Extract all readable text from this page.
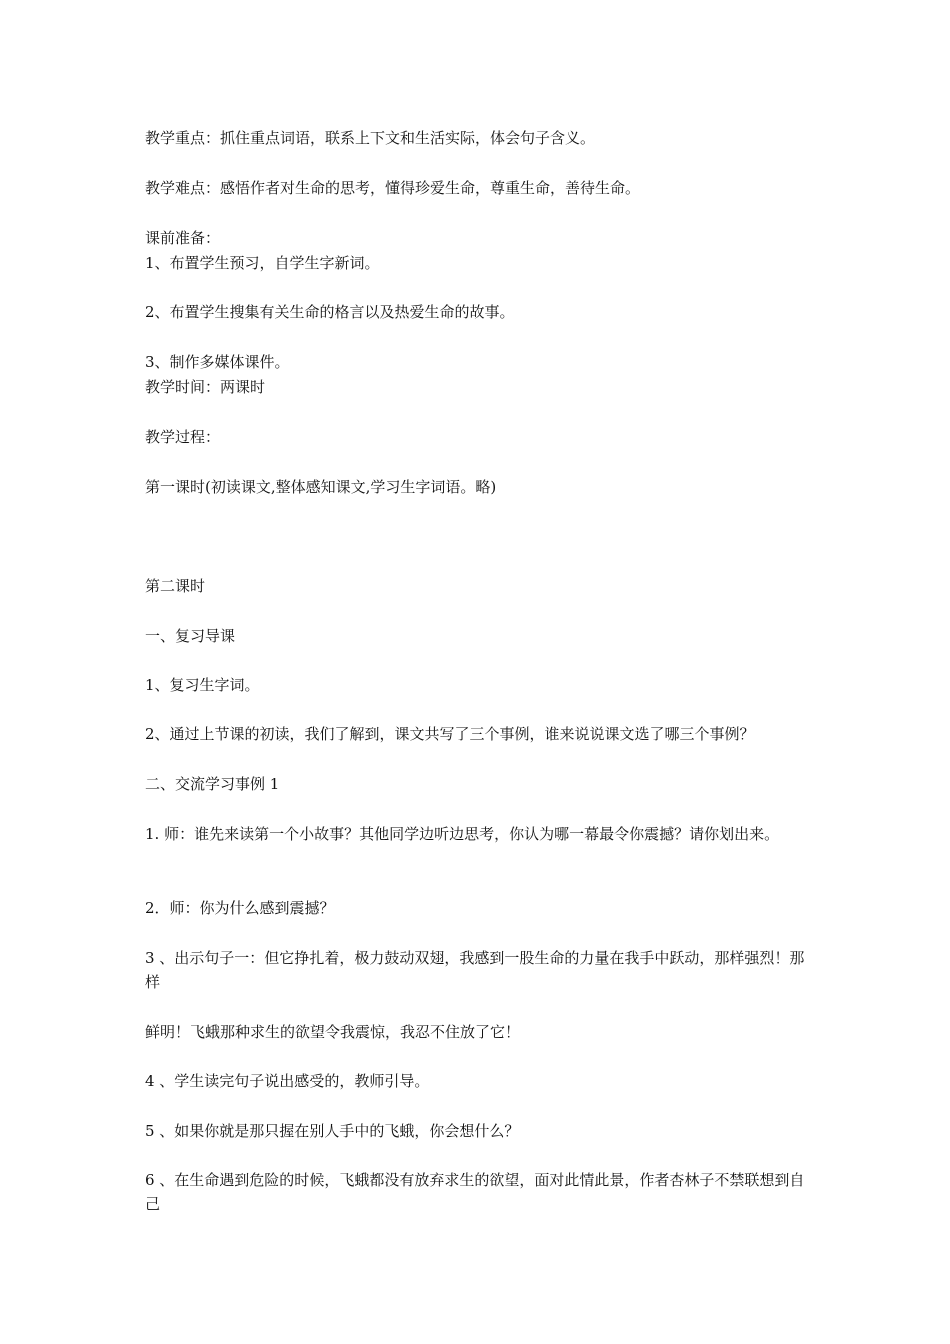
教学重点：抓住重点词语，联系上下文和生活实际，体会句子含义。
教学难点：感悟作者对生命的思考，懂得珍爱生命，尊重生命，善待生命。
课前准备：
1、布置学生预习，自学生字新词。
2、布置学生搜集有关生命的格言以及热爱生命的故事。
3、制作多媒体课件。
教学时间：两课时
教学过程：
第一课时(初读课文,整体感知课文,学习生字词语。略)
第二课时
一、复习导课
1、复习生字词。
2、通过上节课的初读，我们了解到，课文共写了三个事例，谁来说说课文选了哪三个事例？
二、交流学习事例 1
1. 师：谁先来读第一个小故事？其他同学边听边思考，你认为哪一幕最令你震撼？请你划出来。
2．师：你为什么感到震撼？
3 、出示句子一：但它挣扎着，极力鼓动双翅，我感到一股生命的力量在我手中跃动，那样强烈！那样
鲜明！飞蛾那种求生的欲望令我震惊，我忍不住放了它！
4 、学生读完句子说出感受的，教师引导。
5 、如果你就是那只握在别人手中的飞蛾，你会想什么？
6 、在生命遇到危险的时候，飞蛾都没有放弃求生的欲望，面对此情此景，作者杏林子不禁联想到自己
